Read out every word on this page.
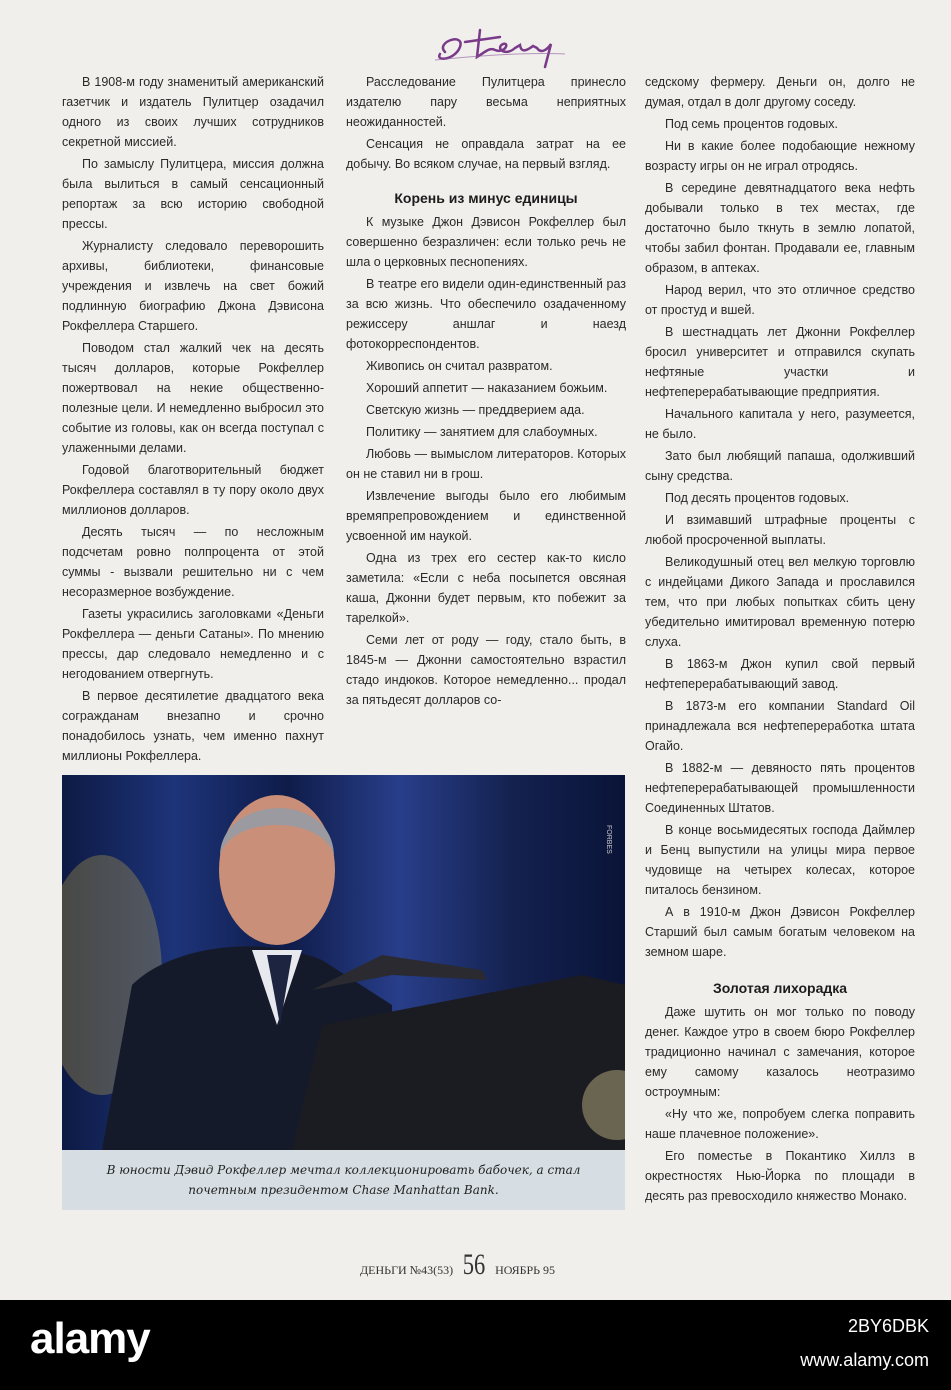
В 1908-м году знаменитый американский газетчик и издатель Пулитцер озадачил одного из своих лучших сотрудников секретной миссией.

По замыслу Пулитцера, миссия должна была вылиться в самый сенсационный репортаж за всю историю свободной прессы.

Журналисту следовало переворошить архивы, библиотеки, финансовые учреждения и извлечь на свет божий подлинную биографию Джона Дэвисона Рокфеллера Старшего.

Поводом стал жалкий чек на десять тысяч долларов, которые Рокфеллер пожертвовал на некие общественно-полезные цели. И немедленно выбросил это событие из головы, как он всегда поступал с улаженными делами.

Годовой благотворительный бюджет Рокфеллера составлял в ту пору около двух миллионов долларов.

Десять тысяч — по несложным подсчетам ровно полпроцента от этой суммы - вызвали решительно ни с чем несоразмерное возбуждение.

Газеты украсились заголовками «Деньги Рокфеллера — деньги Сатаны». По мнению прессы, дар следовало немедленно и с негодованием отвергнуть.

В первое десятилетие двадцатого века согражданам внезапно и срочно понадобилось узнать, чем именно пахнут миллионы Рокфеллера.

Расследование Пулитцера принесло издателю пару весьма неприятных неожиданностей.

Сенсация не оправдала затрат на ее добычу. Во всяком случае, на первый взгляд.

Корень из минус единицы

К музыке Джон Дэвисон Рокфеллер был совершенно безразличен: если только речь не шла о церковных песнопениях.

В театре его видели один-единственный раз за всю жизнь. Что обеспечило озадаченному режиссеру аншлаг и наезд фотокорреспондентов.

Живопись он считал развратом.

Хороший аппетит — наказанием божьим.

Светскую жизнь — преддверием ада.

Политику — занятием для слабоумных.

Любовь — вымыслом литераторов. Которых он не ставил ни в грош.

Извлечение выгоды было его любимым времяпрепровождением и единственной усвоенной им наукой.

Одна из трех его сестер как-то кисло заметила: «Если с неба посыпется овсяная каша, Джонни будет первым, кто побежит за тарелкой».

Семи лет от роду — году, стало быть, в 1845-м — Джонни самостоятельно взрастил стадо индюков. Которое немедленно... продал за пятьдесят долларов со-

седскому фермеру. Деньги он, долго не думая, отдал в долг другому соседу.

Под семь процентов годовых.

Ни в какие более подобающие нежному возрасту игры он не играл отродясь.

В середине девятнадцатого века нефть добывали только в тех местах, где достаточно было ткнуть в землю лопатой, чтобы забил фонтан. Продавали ее, главным образом, в аптеках.

Народ верил, что это отличное средство от простуд и вшей.

В шестнадцать лет Джонни Рокфеллер бросил университет и отправился скупать нефтяные участки и нефтеперерабатывающие предприятия.

Начального капитала у него, разумеется, не было.

Зато был любящий папаша, одолживший сыну средства.

Под десять процентов годовых.

И взимавший штрафные проценты с любой просроченной выплаты.

Великодушный отец вел мелкую торговлю с индейцами Дикого Запада и прославился тем, что при любых попытках сбить цену убедительно имитировал временную потерю слуха.

В 1863-м Джон купил свой первый нефтеперерабатывающий завод.

В 1873-м его компании Standard Oil принадлежала вся нефтепереработка штата Огайо.

В 1882-м — девяносто пять процентов нефтеперерабатывающей промышленности Соединенных Штатов.

В конце восьмидесятых господа Даймлер и Бенц выпустили на улицы мира первое чудовище на четырех колесах, которое питалось бензином.

А в 1910-м Джон Дэвисон Рокфеллер Старший был самым богатым человеком на земном шаре.

Золотая лихорадка

Даже шутить он мог только по поводу денег. Каждое утро в своем бюро Рокфеллер традиционно начинал с замечания, которое ему самому казалось неотразимо остроумным:

«Ну что же, попробуем слегка поправить наше плачевное положение».

Его поместье в Покантико Хиллз в окрестностях Нью-Йорка по площади в десять раз превосходило княжество Монако.

FORBES
В юности Дэвид Рокфеллер мечтал коллекционировать бабочек, а стал
почетным президентом Chase Manhattan Bank.
ДЕНЬГИ №43(53) 56 НОЯБРЬ 95
alamy	2BY6DBK
www.alamy.com
